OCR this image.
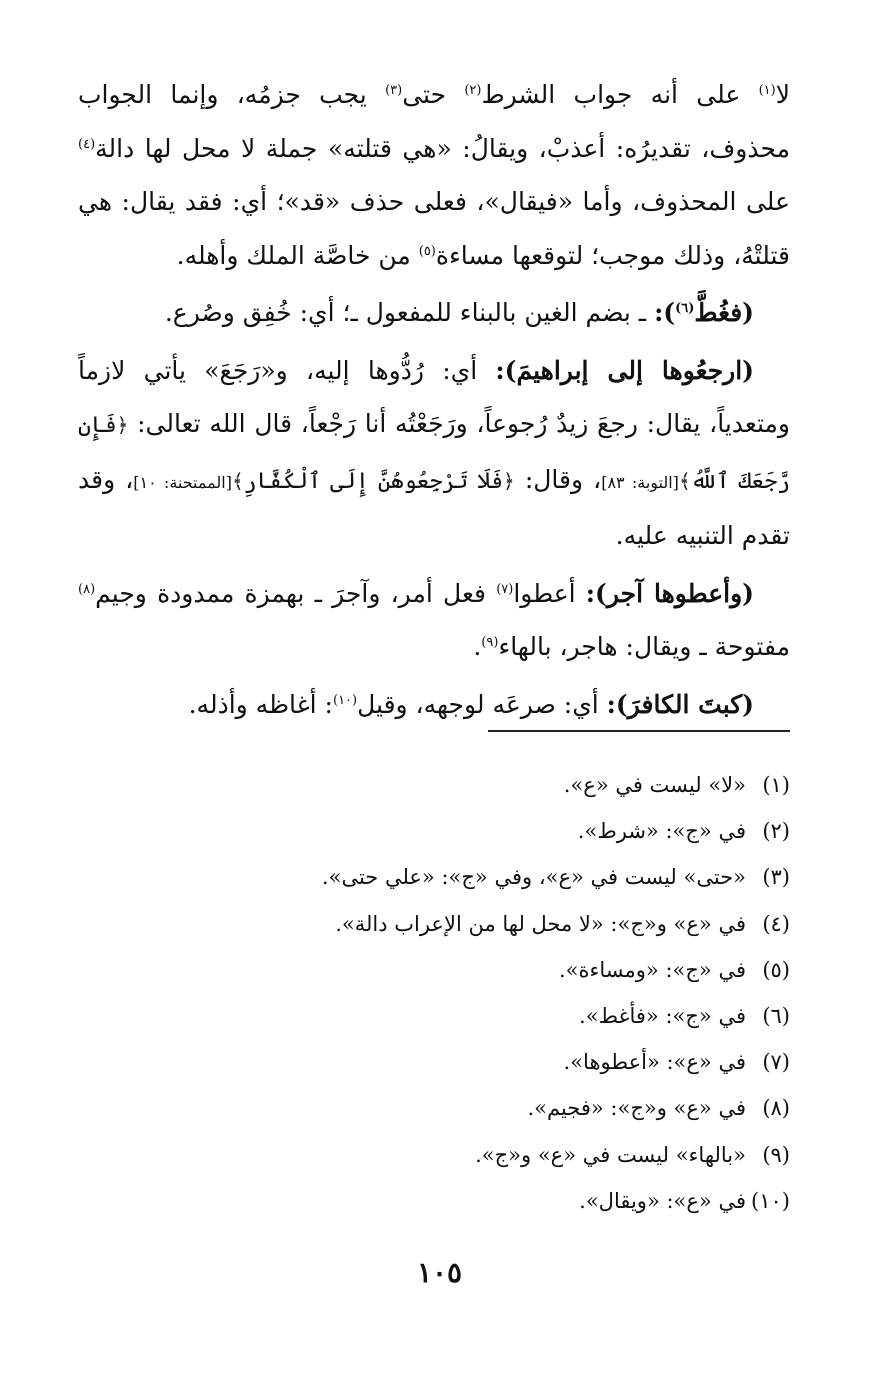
لا$^{(١)}$ على أنه جواب الشرط$^{(٢)}$ حتى$^{(٣)}$ يجب جزمُه، وإنما الجواب محذوف، تقديرُه: أعذبْ، ويقالُ: «هي قتلته» جملة لا محل لها دالة$^{(٤)}$ على المحذوف، وأما «فيقال»، فعلى حذف «قد»؛ أي: فقد يقال: هي قتلتْهُ، وذلك موجب؛ لتوقعها مساءة$^{(٥)}$ من خاصَّة الملك وأهله.

(فغُطَّ$^{(٦)}$): ـ بضم الغين بالبناء للمفعول ـ؛ أي: خُفِق وصُرع.

(ارجعُوها إلى إبراهيمَ): أي: رُدُّوها إليه، و«رَجَعَ» يأتي لازماً ومتعدياً، يقال: رجعَ زيدٌ رُجوعاً، ورَجَعْتُه أنا رَجْعاً، قال الله تعالى: ﴿فَإِن رَّجَعَكَ ٱللَّهُ﴾[التوبة: ٨٣]، وقال: ﴿فَلَا تَرْجِعُوهُنَّ إِلَى ٱلْكُفَّارِ﴾[الممتحنة: ١٠]، وقد تقدم التنبيه عليه.

(وأعطوها آجر): أعطوا$^{(٧)}$ فعل أمر، وآجرَ ـ بهمزة ممدودة وجيم$^{(٨)}$ مفتوحة ـ ويقال: هاجر، بالهاء$^{(٩)}$.

(كبتَ الكافرَ): أي: صرعَه لوجهه، وقيل$^{(١٠)}$: أغاظه وأذله.

(١)«لا» ليست في «ع».
(٢)في «ج»: «شرط».
(٣)«حتى» ليست في «ع»، وفي «ج»: «علي حتى».
(٤)في «ع» و«ج»: «لا محل لها من الإعراب دالة».
(٥)في «ج»: «ومساءة».
(٦)في «ج»: «فأغط».
(٧)في «ع»: «أعطوها».
(٨)في «ع» و«ج»: «فجيم».
(٩)«بالهاء» ليست في «ع» و«ج».
(١٠)في «ع»: «ويقال».
١٠٥
